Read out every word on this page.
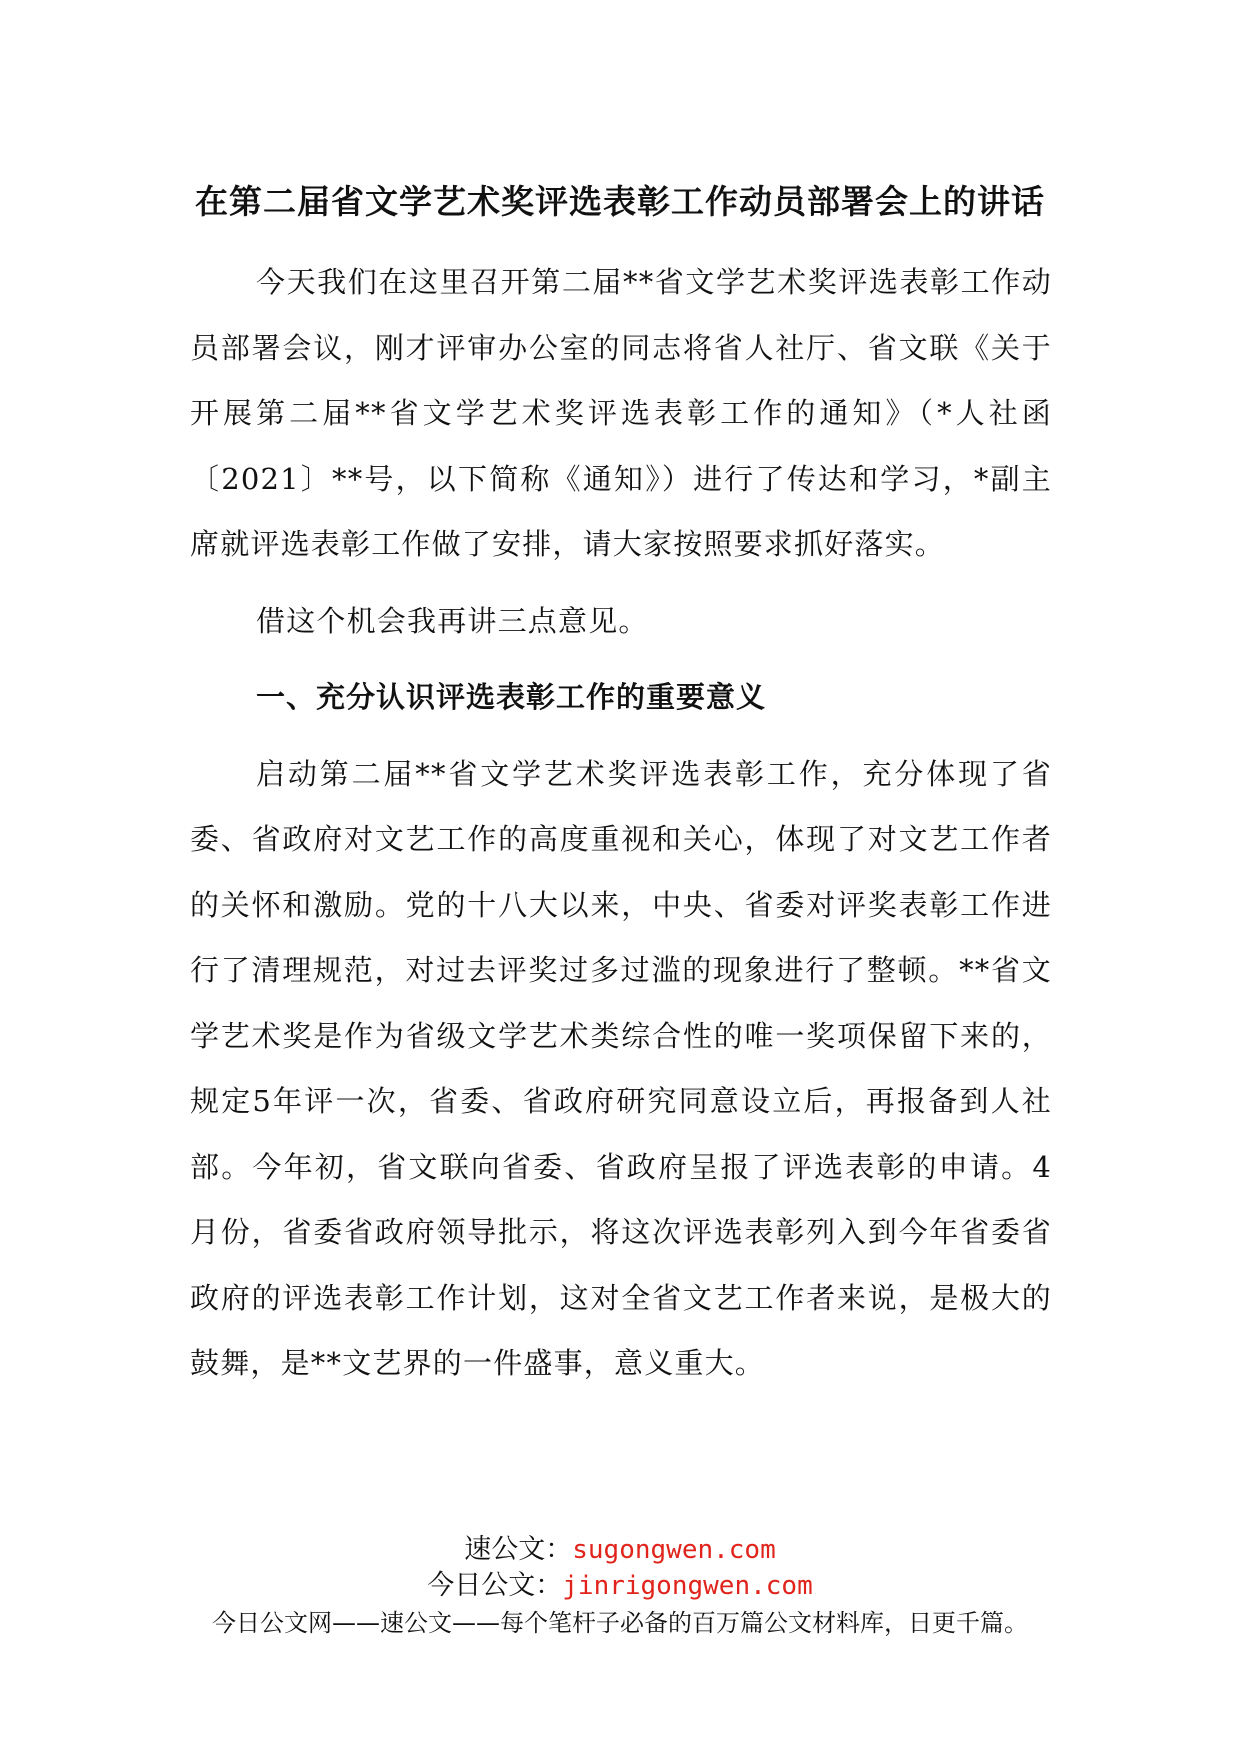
在第二届省文学艺术奖评选表彰工作动员部署会上的讲话

今天我们在这里召开第二届**省文学艺术奖评选表彰工作动员部署会议，刚才评审办公室的同志将省人社厅、省文联《关于开展第二届**省文学艺术奖评选表彰工作的通知》（*人社函〔2021〕**号，以下简称《通知》）进行了传达和学习，*副主席就评选表彰工作做了安排，请大家按照要求抓好落实。

借这个机会我再讲三点意见。

一、充分认识评选表彰工作的重要意义

启动第二届**省文学艺术奖评选表彰工作，充分体现了省委、省政府对文艺工作的高度重视和关心，体现了对文艺工作者的关怀和激励。党的十八大以来，中央、省委对评奖表彰工作进行了清理规范，对过去评奖过多过滥的现象进行了整顿。**省文学艺术奖是作为省级文学艺术类综合性的唯一奖项保留下来的，规定5年评一次，省委、省政府研究同意设立后，再报备到人社部。今年初，省文联向省委、省政府呈报了评选表彰的申请。4月份，省委省政府领导批示，将这次评选表彰列入到今年省委省政府的评选表彰工作计划，这对全省文艺工作者来说，是极大的鼓舞，是**文艺界的一件盛事，意义重大。

速公文：sugongwen.com
今日公文：jinrigongwen.com
今日公文网——速公文——每个笔杆子必备的百万篇公文材料库，日更千篇。
